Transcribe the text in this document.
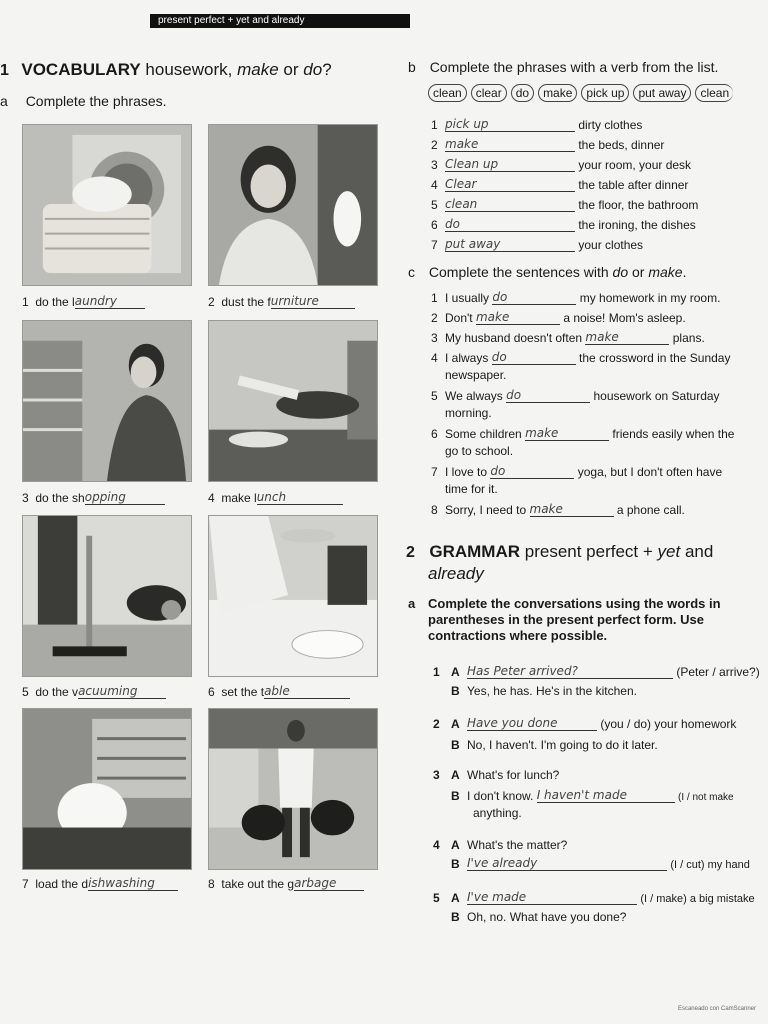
present perfect + yet and already
1 VOCABULARY housework, make or do?
a Complete the phrases.
1 do the laundry	2 dust the furniture
3 do the shopping	4 make lunch
5 do the vacuuming	6 set the table
7 load the dishwashing	8 take out the garbage
b Complete the phrases with a verb from the list.
clean	clear	do	make	pick up	put away	clean
1 pick up	dirty clothes
2 make	the beds, dinner
3 Clean up	your room, your desk
4 Clear	the table after dinner
5 clean	the floor, the bathroom
6 do	the ironing, the dishes
7 put away	your clothes
c Complete the sentences with do or make.
1 I usually do	my homework in my room.
2 Don't make	a noise! Mom's asleep.
3 My husband doesn't often make	plans.
4 I always do	the crossword in the Sunday
newspaper.
5 We always do	housework on Saturday
morning.
6 Some children make	friends easily when the
go to school.
7 I love to do	yoga, but I don't often have
time for it.
8 Sorry, I need to make	a phone call.
2 GRAMMAR present perfect + yet and
already
a Complete the conversations using the words in parentheses in the present perfect form. Use contractions where possible.
1 A Has Peter arrived?	(Peter / arrive?)
B Yes, he has. He's in the kitchen.
2 A Have you done	(you / do) your homework
B No, I haven't. I'm going to do it later.
3 A What's for lunch?
B I don't know. I haven't made	(I / not make
anything.
4 A What's the matter?
B I've already	(I / cut) my hand
5 A I've made	(I / make) a big mistake
B Oh, no. What have you done?
Escaneado con CamScanner
